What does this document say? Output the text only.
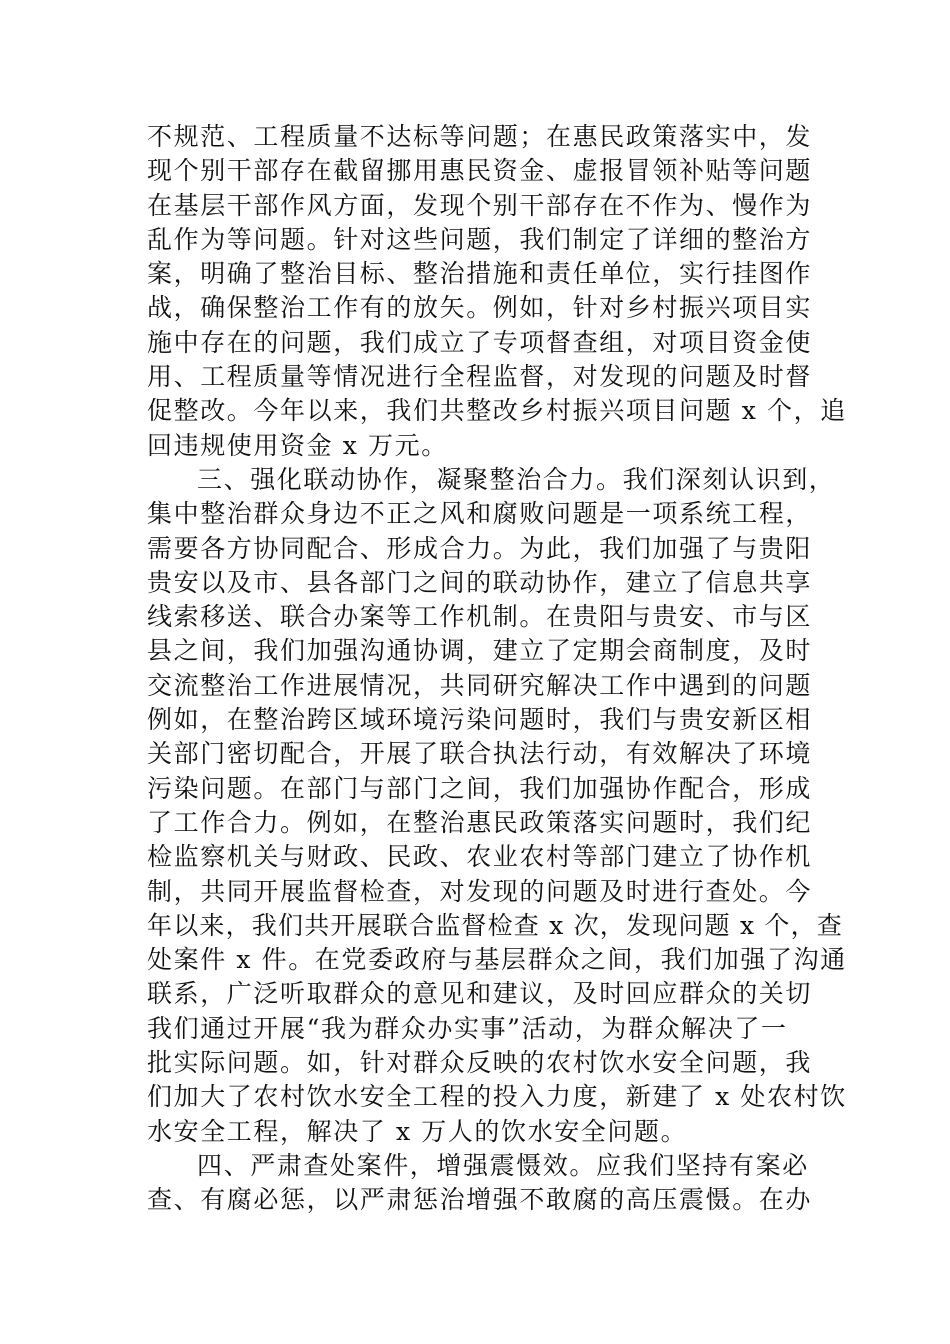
不规范、工程质量不达标等问题；在惠民政策落实中，发
现个别干部存在截留挪用惠民资金、虚报冒领补贴等问题
在基层干部作风方面，发现个别干部存在不作为、慢作为
乱作为等问题。针对这些问题，我们制定了详细的整治方
案，明确了整治目标、整治措施和责任单位，实行挂图作
战，确保整治工作有的放矢。例如，针对乡村振兴项目实
施中存在的问题，我们成立了专项督查组，对项目资金使
用、工程质量等情况进行全程监督，对发现的问题及时督
促整改。今年以来，我们共整改乡村振兴项目问题 x 个，追
回违规使用资金 x 万元。
三、强化联动协作，凝聚整治合力。我们深刻认识到，
集中整治群众身边不正之风和腐败问题是一项系统工程，
需要各方协同配合、形成合力。为此，我们加强了与贵阳
贵安以及市、县各部门之间的联动协作，建立了信息共享
线索移送、联合办案等工作机制。在贵阳与贵安、市与区
县之间，我们加强沟通协调，建立了定期会商制度，及时
交流整治工作进展情况，共同研究解决工作中遇到的问题
例如，在整治跨区域环境污染问题时，我们与贵安新区相
关部门密切配合，开展了联合执法行动，有效解决了环境
污染问题。在部门与部门之间，我们加强协作配合，形成
了工作合力。例如，在整治惠民政策落实问题时，我们纪
检监察机关与财政、民政、农业农村等部门建立了协作机
制，共同开展监督检查，对发现的问题及时进行查处。今
年以来，我们共开展联合监督检查 x 次，发现问题 x 个，查
处案件 x 件。在党委政府与基层群众之间，我们加强了沟通
联系，广泛听取群众的意见和建议，及时回应群众的关切
我们通过开展“我为群众办实事”活动，为群众解决了一
批实际问题。如，针对群众反映的农村饮水安全问题，我
们加大了农村饮水安全工程的投入力度，新建了 x 处农村饮
水安全工程，解决了 x 万人的饮水安全问题。
四、严肃查处案件，增强震慑效。应我们坚持有案必
查、有腐必惩，以严肃惩治增强不敢腐的高压震慑。在办
